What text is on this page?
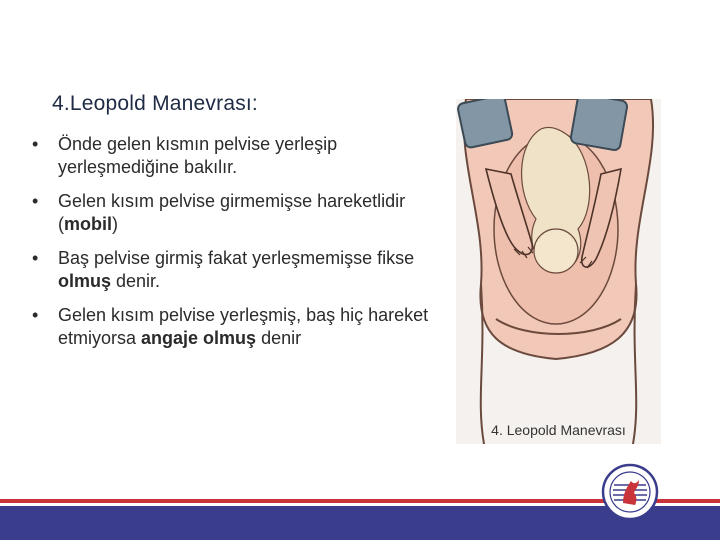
4.Leopold Manevrası:
• Önde gelen kısmın pelvise yerleşip yerleşmediğine bakılır.
• Gelen kısım pelvise girmemişse hareketlidir (mobil)
• Baş pelvise girmiş fakat yerleşmemişse fikse olmuş denir.
• Gelen kısım pelvise yerleşmiş, baş hiç hareket etmiyorsa angaje olmuş denir
4. Leopold Manevrası
